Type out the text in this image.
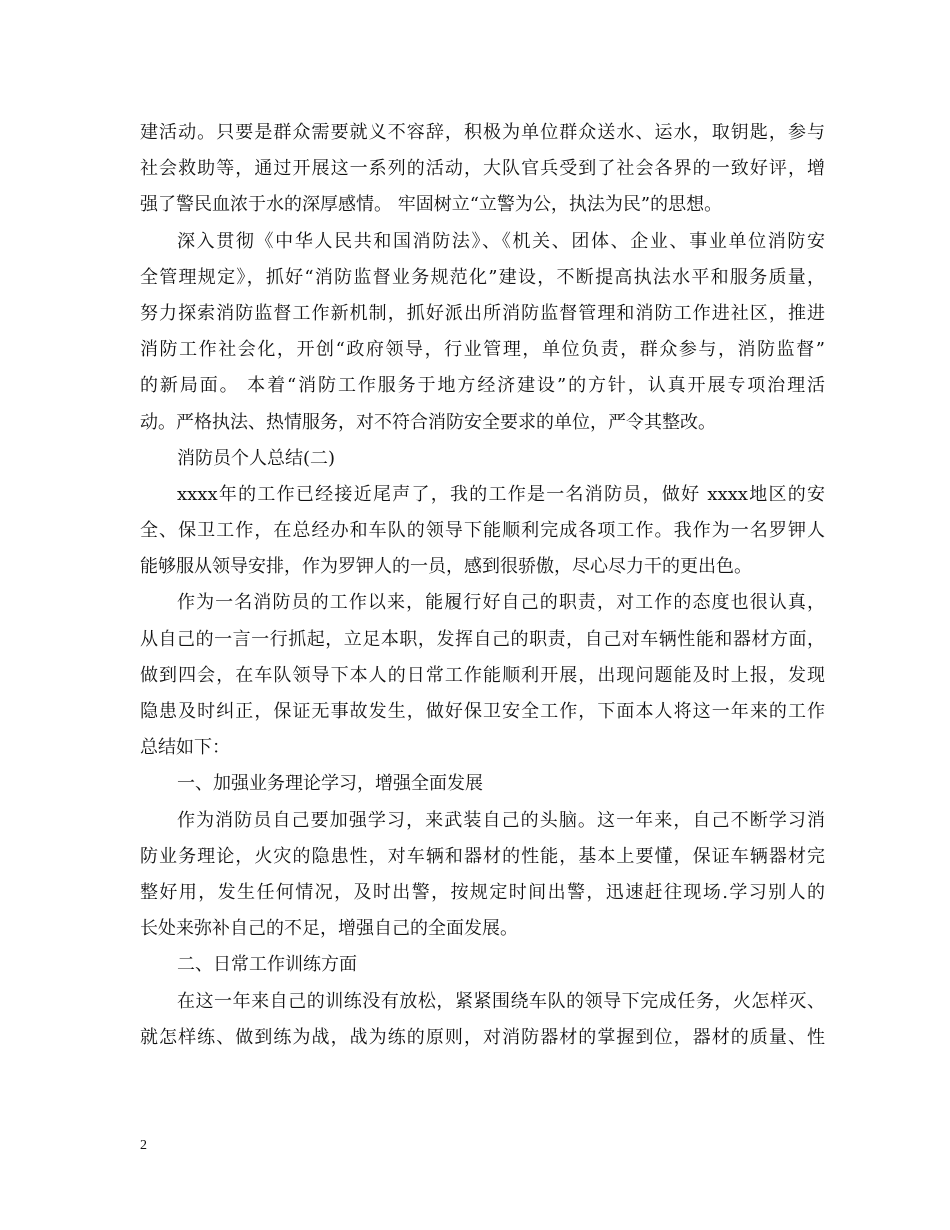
建活动。只要是群众需要就义不容辞，积极为单位群众送水、运水，取钥匙，参与
社会救助等，通过开展这一系列的活动，大队官兵受到了社会各界的一致好评，增
强了警民血浓于水的深厚感情。 牢固树立“立警为公，执法为民”的思想。
深入贯彻《中华人民共和国消防法》、《机关、团体、企业、事业单位消防安
全管理规定》，抓好“消防监督业务规范化”建设，不断提高执法水平和服务质量，
努力探索消防监督工作新机制，抓好派出所消防监督管理和消防工作进社区，推进
消防工作社会化，开创“政府领导，行业管理，单位负责，群众参与，消防监督”
的新局面。 本着“消防工作服务于地方经济建设”的方针，认真开展专项治理活
动。严格执法、热情服务，对不符合消防安全要求的单位，严令其整改。
消防员个人总结(二)
xxxx年的工作已经接近尾声了，我的工作是一名消防员，做好 xxxx地区的安
全、保卫工作，在总经办和车队的领导下能顺利完成各项工作。我作为一名罗钾人
能够服从领导安排，作为罗钾人的一员，感到很骄傲，尽心尽力干的更出色。
作为一名消防员的工作以来，能履行好自己的职责，对工作的态度也很认真，
从自己的一言一行抓起，立足本职，发挥自己的职责，自己对车辆性能和器材方面，
做到四会，在车队领导下本人的日常工作能顺利开展，出现问题能及时上报，发现
隐患及时纠正，保证无事故发生，做好保卫安全工作，下面本人将这一年来的工作
总结如下：
一、加强业务理论学习，增强全面发展
作为消防员自己要加强学习，来武装自己的头脑。这一年来，自己不断学习消
防业务理论，火灾的隐患性，对车辆和器材的性能，基本上要懂，保证车辆器材完
整好用，发生任何情况，及时出警，按规定时间出警，迅速赶往现场.学习别人的
长处来弥补自己的不足，增强自己的全面发展。
二、日常工作训练方面
在这一年来自己的训练没有放松，紧紧围绕车队的领导下完成任务，火怎样灭、
就怎样练、做到练为战，战为练的原则，对消防器材的掌握到位，器材的质量、性
2
